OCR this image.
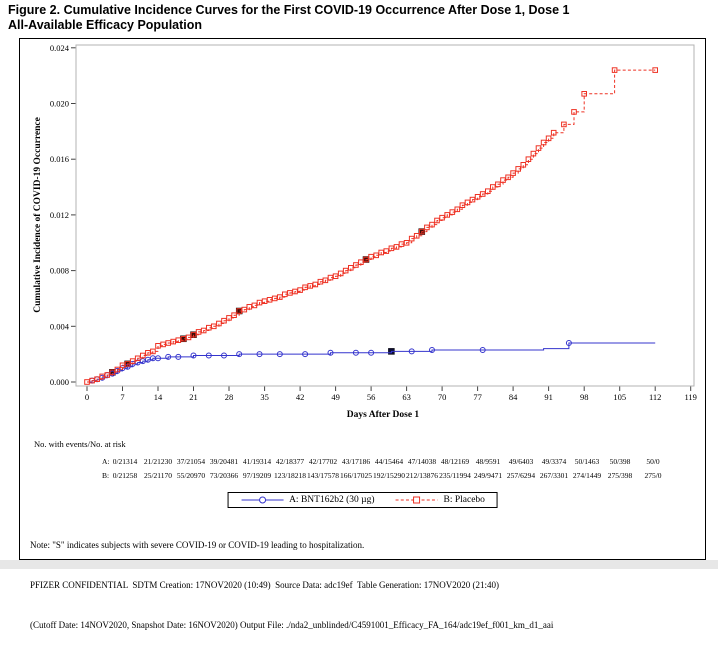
Figure 2. Cumulative Incidence Curves for the First COVID-19 Occurrence After Dose 1, Dose 1
All-Available Efficacy Population
0.024
0.020
0.016
0.012
0.008
0.004
0.000
119
112
105
98
91
84
77
70
63
56
49
42
35
28
21
14
7
0
Cumulative Incidence of COVID-19 Occurrence
Days After Dose 1
No. with events/No. at risk
A: 0/21314 21/21230 37/21054 39/20481 41/19314 42/18377 42/17702 43/17186 44/15464 47/14038 48/12169 48/9591 49/6403 49/3374 50/1463 50/398 50/0
B: 0/21258 25/21170 55/20970 73/20366 97/19209 123/18218 143/17578 166/17025 192/15290 212/13876 235/11994 249/9471 257/6294 267/3301 274/1449 275/398 275/0
A: BNT162b2 (30 µg)	B: Placebo

Note: "S" indicates subjects with severe COVID-19 or COVID-19 leading to hospitalization.

PFIZER CONFIDENTIAL  SDTM Creation: 17NOV2020 (10:49)  Source Data: adc19ef  Table Generation: 17NOV2020 (21:40)

(Cutoff Date: 14NOV2020, Snapshot Date: 16NOV2020) Output File: ./nda2_unblinded/C4591001_Efficacy_FA_164/adc19ef_f001_km_d1_aai
